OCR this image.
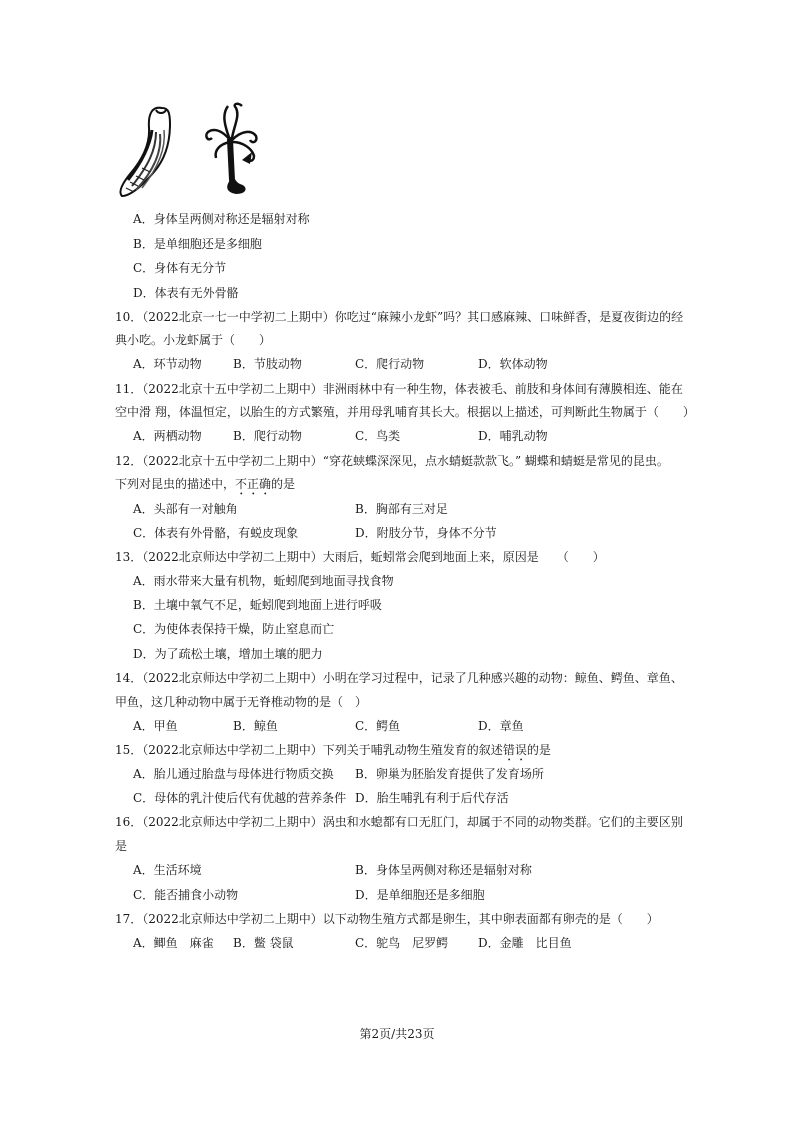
A．身体呈两侧对称还是辐射对称
B．是单细胞还是多细胞
C．身体有无分节
D．体表有无外骨骼
10．（2022北京一七一中学初二上期中）你吃过“麻辣小龙虾”吗？其口感麻辣、口味鲜香，是夏夜街边的经
典小吃。小龙虾属于（　　）
A．环节动物	B．节肢动物	C．爬行动物	D．软体动物
11．（2022北京十五中学初二上期中）非洲雨林中有一种生物，体表被毛、前肢和身体间有薄膜相连、能在
空中滑 翔，体温恒定，以胎生的方式繁殖，并用母乳哺育其长大。根据以上描述，可判断此生物属于（　　）
A．两栖动物	B．爬行动物	C．鸟类	D．哺乳动物
12．（2022北京十五中学初二上期中）“穿花蛱蝶深深见，点水蜻蜓款款飞。” 蝴蝶和蜻蜓是常见的昆虫。
下列对昆虫的描述中，不正确的是
A．头部有一对触角	B．胸部有三对足
C．体表有外骨骼，有蜕皮现象	D．附肢分节，身体不分节
13．（2022北京师达中学初二上期中）大雨后，蚯蚓常会爬到地面上来，原因是　　（　　）
A．雨水带来大量有机物，蚯蚓爬到地面寻找食物
B．土壤中氧气不足，蚯蚓爬到地面上进行呼吸
C．为使体表保持干燥，防止窒息而亡
D．为了疏松土壤，增加土壤的肥力
14．（2022北京师达中学初二上期中）小明在学习过程中，记录了几种感兴趣的动物：鲸鱼、鳄鱼、章鱼、
甲鱼，这几种动物中属于无脊椎动物的是（　）
A．甲鱼	B．鲸鱼	C．鳄鱼	D．章鱼
15．（2022北京师达中学初二上期中）下列关于哺乳动物生殖发育的叙述错误的是
A．胎儿通过胎盘与母体进行物质交换 B．卵巢为胚胎发育提供了发育场所
C．母体的乳汁使后代有优越的营养条件 D．胎生哺乳有利于后代存活
16．（2022北京师达中学初二上期中）涡虫和水螅都有口无肛门，却属于不同的动物类群。它们的主要区别
是
A．生活环境	B．身体呈两侧对称还是辐射对称
C．能否捕食小动物	D．是单细胞还是多细胞
17．（2022北京师达中学初二上期中）以下动物生殖方式都是卵生，其中卵表面都有卵壳的是（　　）
A．鲫鱼　麻雀 B．鳖 袋鼠	C．鸵鸟　尼罗鳄 D．金雕　比目鱼
第2页/共23页
